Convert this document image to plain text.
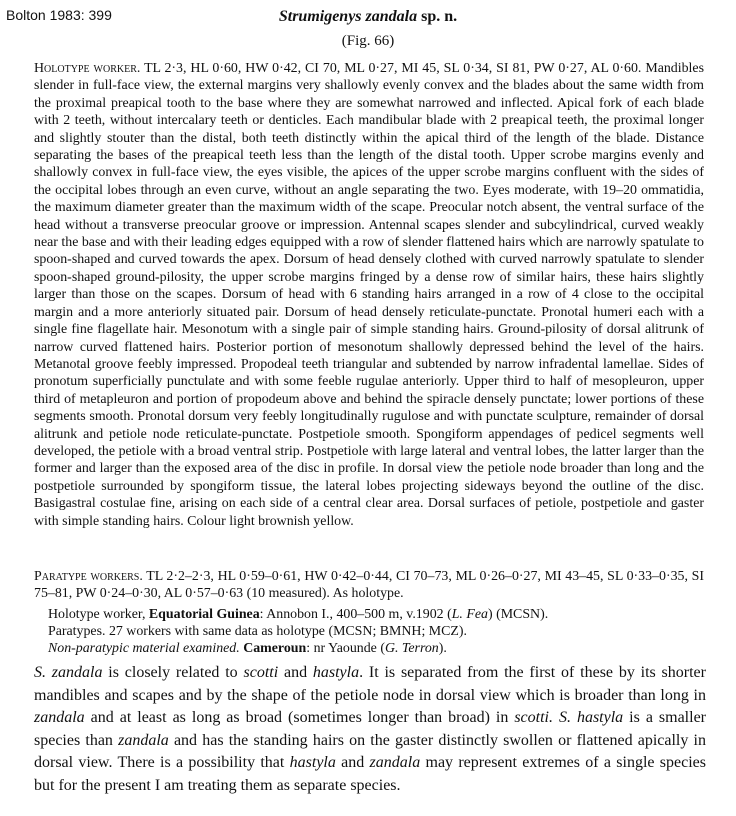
Bolton 1983: 399	Strumigenys zandala sp. n.
(Fig. 66)
Holotype worker. TL 2·3, HL 0·60, HW 0·42, CI 70, ML 0·27, MI 45, SL 0·34, SI 81, PW 0·27, AL 0·60. Mandibles slender in full-face view, the external margins very shallowly evenly convex and the blades about the same width from the proximal preapical tooth to the base where they are somewhat narrowed and inflected. Apical fork of each blade with 2 teeth, without intercalary teeth or denticles. Each mandibular blade with 2 preapical teeth, the proximal longer and slightly stouter than the distal, both teeth distinctly within the apical third of the length of the blade. Distance separating the bases of the preapical teeth less than the length of the distal tooth. Upper scrobe margins evenly and shallowly convex in full-face view, the eyes visible, the apices of the upper scrobe margins confluent with the sides of the occipital lobes through an even curve, without an angle separating the two. Eyes moderate, with 19–20 ommatidia, the maximum diameter greater than the maximum width of the scape. Preocular notch absent, the ventral surface of the head without a transverse preocular groove or impression. Antennal scapes slender and subcylindrical, curved weakly near the base and with their leading edges equipped with a row of slender flattened hairs which are narrowly spatulate to spoon-shaped and curved towards the apex. Dorsum of head densely clothed with curved narrowly spatulate to slender spoon-shaped ground-pilosity, the upper scrobe margins fringed by a dense row of similar hairs, these hairs slightly larger than those on the scapes. Dorsum of head with 6 standing hairs arranged in a row of 4 close to the occipital margin and a more anteriorly situated pair. Dorsum of head densely reticulate-punctate. Pronotal humeri each with a single fine flagellate hair. Mesonotum with a single pair of simple standing hairs. Ground-pilosity of dorsal alitrunk of narrow curved flattened hairs. Posterior portion of mesonotum shallowly depressed behind the level of the hairs. Metanotal groove feebly impressed. Propodeal teeth triangular and subtended by narrow infradental lamellae. Sides of pronotum superficially punctulate and with some feeble rugulae anteriorly. Upper third to half of mesopleuron, upper third of metapleuron and portion of propodeum above and behind the spiracle densely punctate; lower portions of these segments smooth. Pronotal dorsum very feebly longitudinally rugulose and with punctate sculpture, remainder of dorsal alitrunk and petiole node reticulate-punctate. Postpetiole smooth. Spongiform appendages of pedicel segments well developed, the petiole with a broad ventral strip. Postpetiole with large lateral and ventral lobes, the latter larger than the former and larger than the exposed area of the disc in profile. In dorsal view the petiole node broader than long and the postpetiole surrounded by spongiform tissue, the lateral lobes projecting sideways beyond the outline of the disc. Basigastral costulae fine, arising on each side of a central clear area. Dorsal surfaces of petiole, postpetiole and gaster with simple standing hairs. Colour light brownish yellow.
Paratype workers. TL 2·2–2·3, HL 0·59–0·61, HW 0·42–0·44, CI 70–73, ML 0·26–0·27, MI 43–45, SL 0·33–0·35, SI 75–81, PW 0·24–0·30, AL 0·57–0·63 (10 measured). As holotype.
Holotype worker, Equatorial Guinea: Annobon I., 400–500 m, v.1902 (L. Fea) (MCSN).
Paratypes. 27 workers with same data as holotype (MCSN; BMNH; MCZ).
Non-paratypic material examined. Cameroun: nr Yaounde (G. Terron).
S. zandala is closely related to scotti and hastyla. It is separated from the first of these by its shorter mandibles and scapes and by the shape of the petiole node in dorsal view which is broader than long in zandala and at least as long as broad (sometimes longer than broad) in scotti. S. hastyla is a smaller species than zandala and has the standing hairs on the gaster distinctly swollen or flattened apically in dorsal view. There is a possibility that hastyla and zandala may represent extremes of a single species but for the present I am treating them as separate species.
